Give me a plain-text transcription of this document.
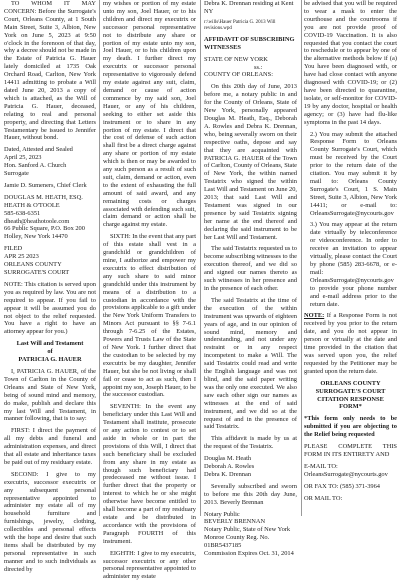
TO WHOM IT MAY CONCERN: Before the Surrogate's Court, Orleans County, at 1 South Main Street, Suite 3, Albion, New York on June 5, 2023 at 9:50 o'clock in the forenoon of that day, why a decree should not be made in the Estate of Patricia G. Hauer lately domiciled at 1735 Oak Orchard Road, Carlton, New York 14411 admitting to probate a Will dated June 20, 2013 a copy of which is attached, as the Will of Patricia G. Hauer, deceased, relating to real and personal property, and directing that Letters Testamentary be issued to Jennifer Hauer, without bond.

Dated, Attested and Sealed
April 25, 2023
Hon. Sanford A. Church
Surrogate
Jamie D. Sumeners, Chief Clerk
DOUGLAS M. HEATH, ESQ.
HEATH & O'TOOLE
585-638-6351
dheath@heathotoole.com
66 Public Square, P.O. Box 200
Holley, New York 14470
FILED
APR 25 2023
ORLEANS COUNTY
SURROGATE'S COURT

NOTE: This citation is served upon you as required by law. You are not required to appear. If you fail to appear it will be assumed you do not object to the relief requested. You have a right to have an attorney appear for you.)

Last Will and Testament
of
PATRICIA G. HAUER

I, PATRICIA G. HAUER, of the Town of Carlton in the County of Orleans and State of New York, being of sound mind and memory, do make, publish and declare this my last Will and Testament, in manner following, that is to say:

FIRST: I direct the payment of all my debts and funeral and administration expenses, and direct that all estate and inheritance taxes be paid out of my residuary estate.

SECOND: I give to my executrix, successor executrix or any subsequent personal representative appointed to administer my estate all of my household furniture and furnishings, jewelry, clothing, collectibles and personal effects with the hope and desire that such items shall be distributed by my personal representative in such manner and to such individuals as directed by

my wishes or portion of my estate unto my son, Joel Hauer, or to his children and direct my executrix or successor personal representative not to distribute any share or portion of my estate unto my son, Joel Hauer, or to his children upon my death. I further direct my executrix or successor personal representative to vigorously defend my estate against any suit, claim, demand or cause of action commence by my said son, Joel Hauer, or any of his children, seeking to either set aside this instrument or to share in any portion of my estate. I direct that the cost of defense of such action shall first be a direct charge against any share or portion of my estate which is then or may be awarded to any such person as a result of such suit, claim, demand or action, even to the extent of exhausting the full amount of said award, and any remaining costs or charges associated with defending such suit, claim demand or action shall be charge against my estate.

SIXTH: In the event that any part of this estate shall vest in a grandchild or grandchildren of mine, I authorize and empower my executrix to effect distribution of any such share to said minor grandchild under this instrument by means of a distribution to a custodian in accordance with the provisions applicable to a gift under the New York Uniform Transfers to Minors Act pursuant to §§ 7-6.1 through 7-6.25 of the Estates, Powers and Trusts Law of the State of New York. I further direct that the custodian to be selected by my executrix be my daughter, Jennifer Hauer, but she be not living or shall fail or cease to act as such, then I appoint my son, Joseph Hauer, to be the successor custodian.

SEVENTH: In the event any beneficiary under this Last Will and Testament shall institute, prosecute or any action to contest or to set aside in whole or in part the provisions of this Will, I direct that such beneficiary shall be excluded from any share in my estate as though such beneficiary had predeceased me without issue. I further direct that the property or interest to which he or she might otherwise have become entitled to shall become a part of my residuary estate and be distributed in accordance with the provisions of Paragraph FOURTH of this instrument.

EIGHTH: I give to my executrix, successor executrix or any other personal representative appointed to administer my estate

Debra K. Drennan residing at Kent NY

r:\wills\Hauer Patricia G. 2013 Will revisions.wpd

AFFIDAVIT OF SUBSCRIBING WITNESSES
STATE OF NEW YORK
ss.:
COUNTY OF ORLEANS:

On this 20th day of June, 2013 before me, a notary public in and for the County of Orleans, State of New York, personally appeared Douglas M. Heath, Esq., Deborah A. Rowles and Debra K. Drennan, who, being severally sworn on their respective oaths, depose and say that they are acquainted with PATRICIA G. HAUER of the Town of Carlton, County of Orleans, State of New York, the within named Testatrix who signed the within Last Will and Testament on June 20, 2013; that said Last Will and Testament was signed in our presence by said Testatrix signing her name at the end thereof and declaring the said instrument to be her Last Will and Testament.

The said Testatrix requested us to become subscribing witnesses to the execution thereof, and we did so and signed our names thereto as such witnesses in her presence and in the presence of each other.

The said Testatrix at the time of the execution of the within instrument was upwards of eighteen years of age, and in our opinion of sound mind, memory and understanding, and not under any restraint or in any respect incompetent to make a Will. The said Testatrix could read and write the English language and was not blind, and the said paper writing was the only one executed. We also saw each other sign our names as witnesses at the end of said instrument, and we did so at the request of and in the presence of said Testatrix.

This affidavit is made by us at the request of the Testatrix.

Douglas M. Heath
Deborah A. Rowles
Debra K. Drennan

Severally subscribed and sworn to before me this 20th day June, 2013. Beverly Brennan

Notary Public
BEVERLY BRENNAN
Notary Public, State of New York
Monroe County Reg. No. 01BR5437185
Commission Expires Oct. 31, 2014

be advised that you will be required to wear a mask to enter the courthouse and the courtrooms if you are not provide proof of COVID-19 Vaccination. It is also requested that you contact the court to reschedule or to appear by one of the alternative methods below if (a) You have been diagnosed with, or have had close contact with anyone diagnosed with COVID-19; or (2) have been directed to quarantine, isolate, or self-monitor for COVID-19 by any doctor, hospital or health agency; or (3) have had flu-like symptoms in the past 14 days.

2.) You may submit the attached Response Form to Orleans County Surrogate's Court, which must be received by the Court prior to the return date of the citation. You may submit it by mail to: Orleans County Surrogate's Court, 1 S. Main Street, Suite 3, Albion, New York 14411; or e-mail to: OrleansSurrogate@nycourts.gov

3.) You may appear at the return date virtually by teleconference or videoconference. In order to receive an invitation to appear virtually, please contact the Court by phone (585) 283-6678, or e-mail: OrleansSurrogate@nycourts.gov to provide your phone number and e-mail address prior to the return date.

NOTE: If a Response Form is not received by you prior to the return date, and you do not appear in person or virtually at the date and time provided in the citation that was served upon you, the relief requested by the Petitioner may be granted upon the return date.

ORLEANS COUNTY
SURROGATE'S COURT
CITATION RESPONSE
FORM*

*This form only needs to be submitted if you are objecting to the Relief being requested

PLEASE COMPLETE THIS FORM IN ITS ENTIRETY AND

E-MAIL TO:
OrleansSurrogate@nycourts.gov
OR FAX TO: (585) 371-3964
OR MAIL TO:
